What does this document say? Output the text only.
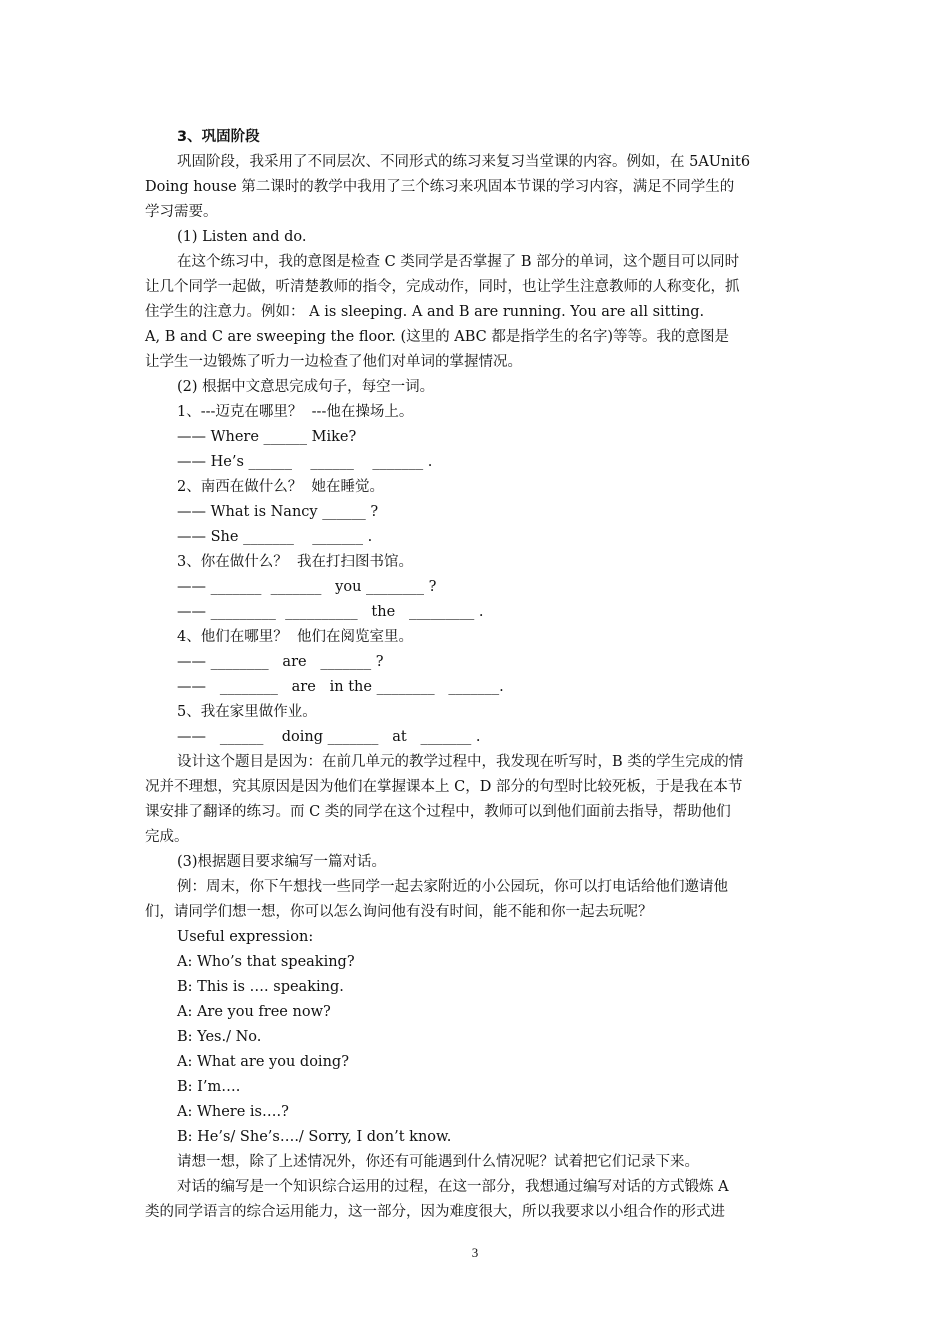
3、巩固阶段
巩固阶段，我采用了不同层次、不同形式的练习来复习当堂课的内容。例如，在 5AUnit6
Doing house 第二课时的教学中我用了三个练习来巩固本节课的学习内容，满足不同学生的
学习需要。
(1) Listen and do.
在这个练习中，我的意图是检查 C 类同学是否掌握了 B 部分的单词，这个题目可以同时
让几个同学一起做，听清楚教师的指令，完成动作，同时，也让学生注意教师的人称变化，抓
住学生的注意力。例如： A is sleeping. A and B are running. You are all sitting.
A, B and C are sweeping the floor. (这里的 ABC 都是指学生的名字)等等。我的意图是
让学生一边锻炼了听力一边检查了他们对单词的掌握情况。
(2) 根据中文意思完成句子，每空一词。
1、---迈克在哪里？  ---他在操场上。
—— Where ______ Mike?
—— He’s ______    ______    _______ .
2、南西在做什么？  她在睡觉。
—— What is Nancy ______ ?
—— She _______    _______ .
3、你在做什么？  我在打扫图书馆。
—— _______  _______   you ________ ?
—— _________  __________   the   _________ .
4、他们在哪里？  他们在阅览室里。
—— ________   are   _______ ?
——   ________   are   in the ________   _______.
5、我在家里做作业。
——   ______    doing _______   at   _______ .
设计这个题目是因为：在前几单元的教学过程中，我发现在听写时，B 类的学生完成的情
况并不理想，究其原因是因为他们在掌握课本上 C，D 部分的句型时比较死板，于是我在本节
课安排了翻译的练习。而 C 类的同学在这个过程中，教师可以到他们面前去指导，帮助他们
完成。
(3)根据题目要求编写一篇对话。
例：周末，你下午想找一些同学一起去家附近的小公园玩，你可以打电话给他们邀请他
们，请同学们想一想，你可以怎么询问他有没有时间，能不能和你一起去玩呢？
Useful expression:
A: Who’s that speaking?
B: This is …. speaking.
A: Are you free now?
B: Yes./ No.
A: What are you doing?
B: I’m….
A: Where is….?
B: He’s/ She’s…./ Sorry, I don’t know.
请想一想，除了上述情况外，你还有可能遇到什么情况呢？试着把它们记录下来。
对话的编写是一个知识综合运用的过程，在这一部分，我想通过编写对话的方式锻炼 A
类的同学语言的综合运用能力，这一部分，因为难度很大，所以我要求以小组合作的形式进
3
